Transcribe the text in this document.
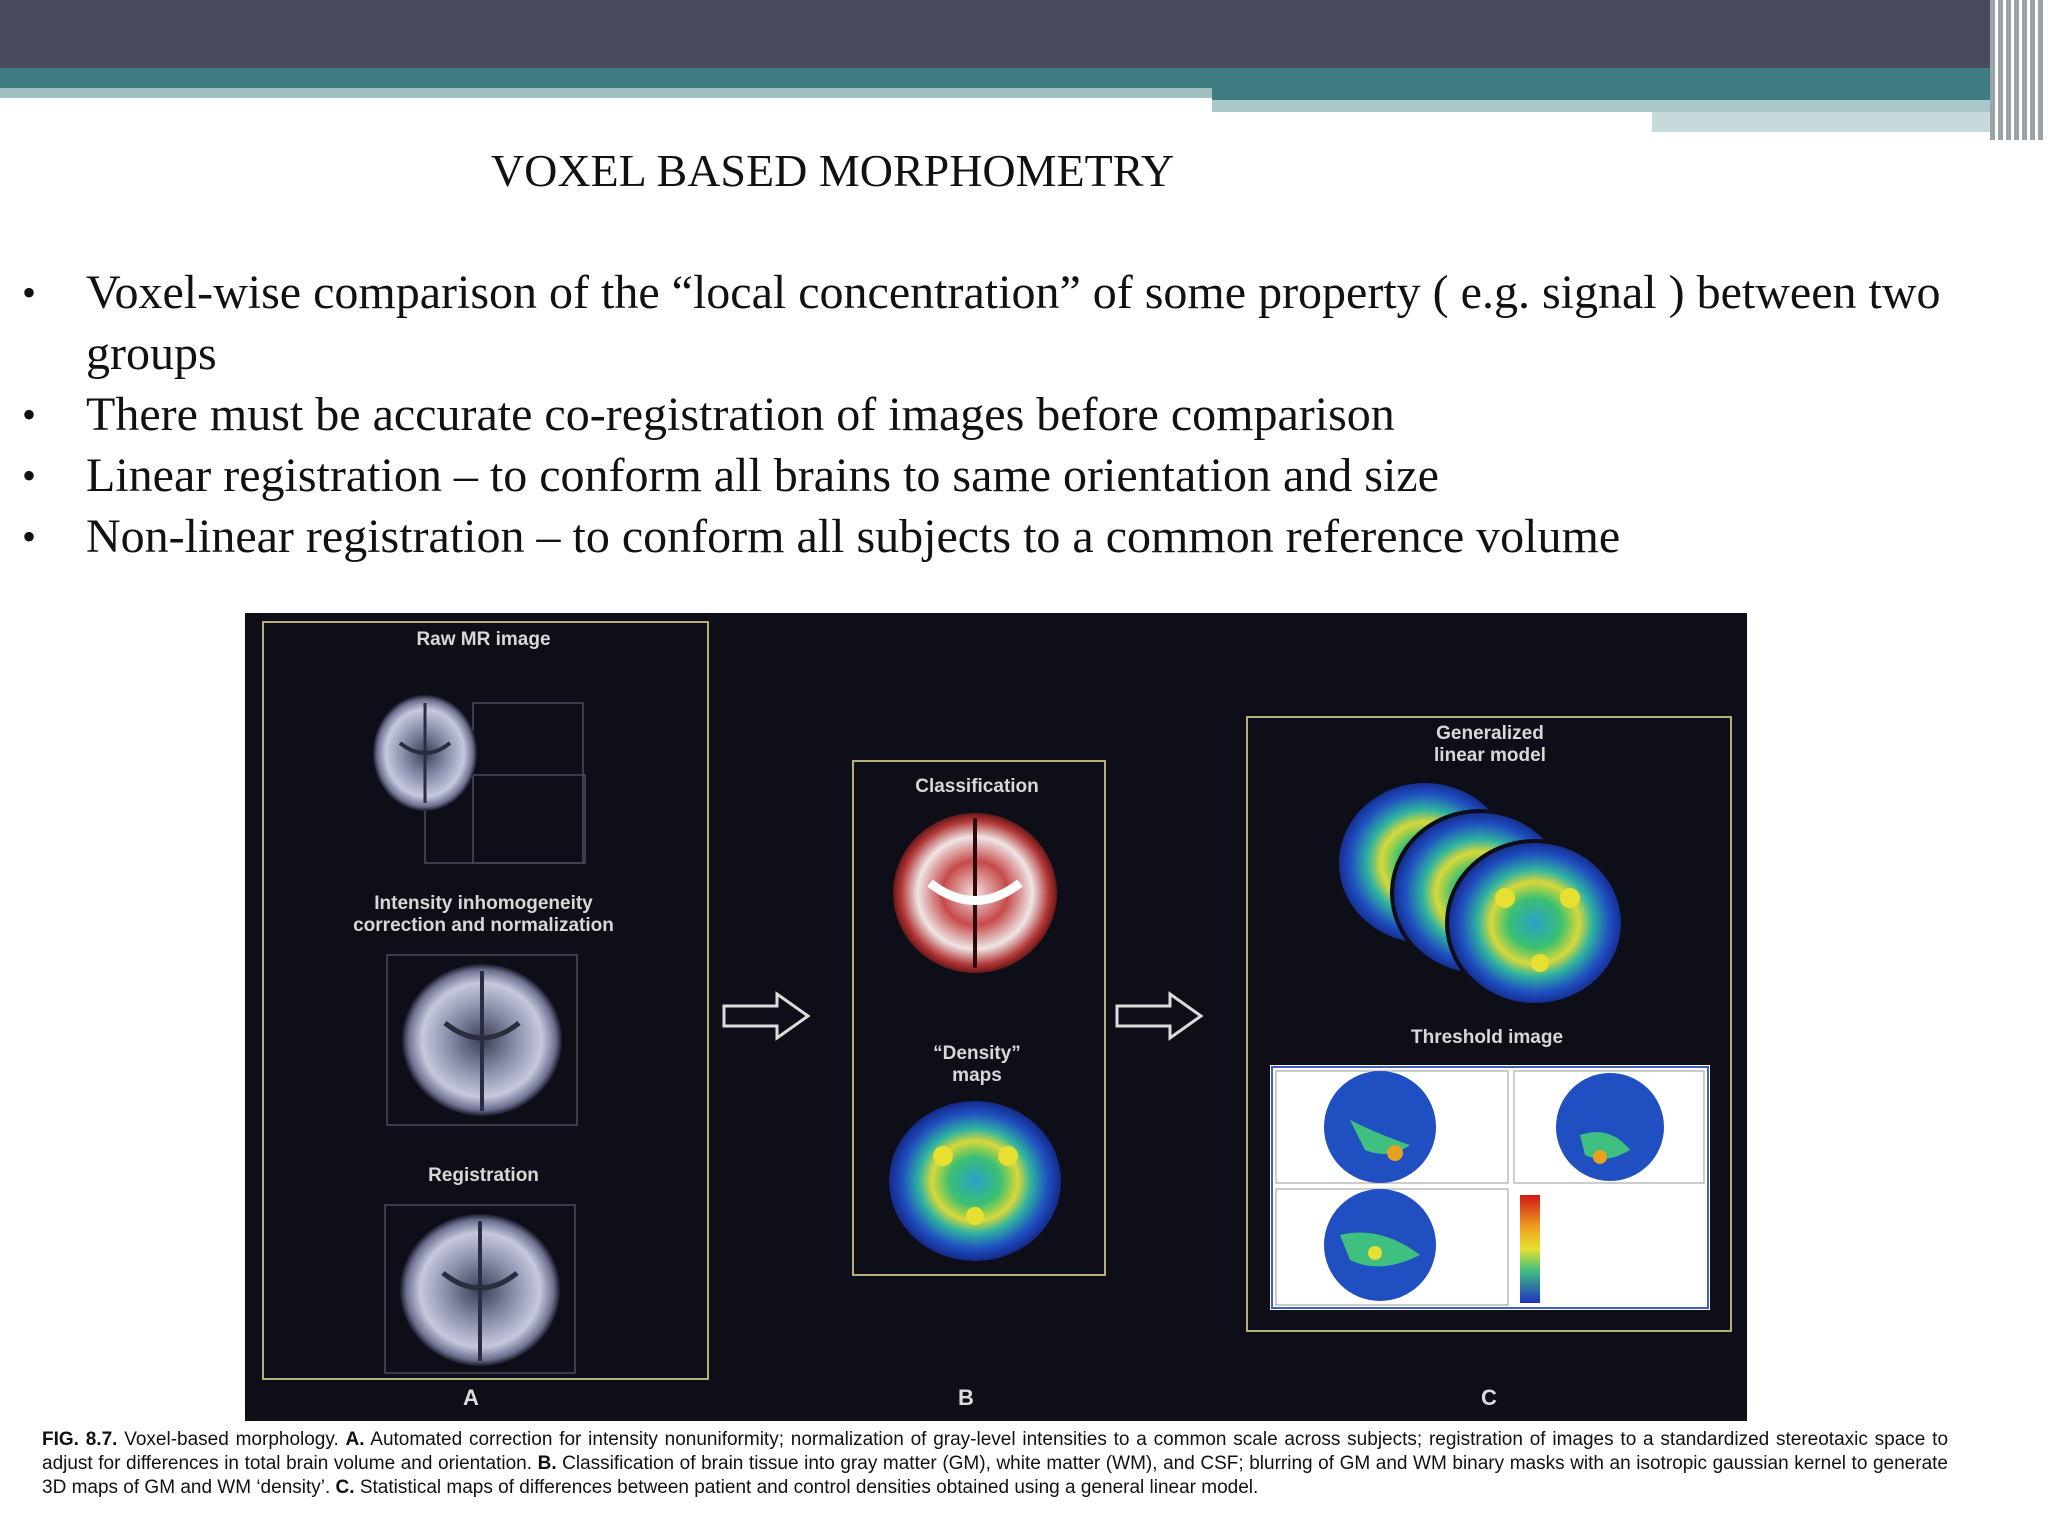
VOXEL BASED MORPHOMETRY
• Voxel-wise comparison of the “local concentration” of some property ( e.g. signal ) between two groups
• There must be accurate co-registration of images before comparison
• Linear registration – to conform all brains to same orientation and size
• Non-linear registration – to conform all subjects to a common reference volume
Raw MR image
Intensity inhomogeneity
correction and normalization
Registration
A
Classification
“Density”
maps
B
Generalized
linear model
Threshold image
C
FIG. 8.7. Voxel-based morphology. A. Automated correction for intensity nonuniformity; normalization of gray-level intensities to a common scale across subjects; registration of images to a standardized stereotaxic space to adjust for differences in total brain volume and orientation. B. Classification of brain tissue into gray matter (GM), white matter (WM), and CSF; blurring of GM and WM binary masks with an isotropic gaussian kernel to generate 3D maps of GM and WM ‘density’. C. Statistical maps of differences between patient and control densities obtained using a general linear model.
